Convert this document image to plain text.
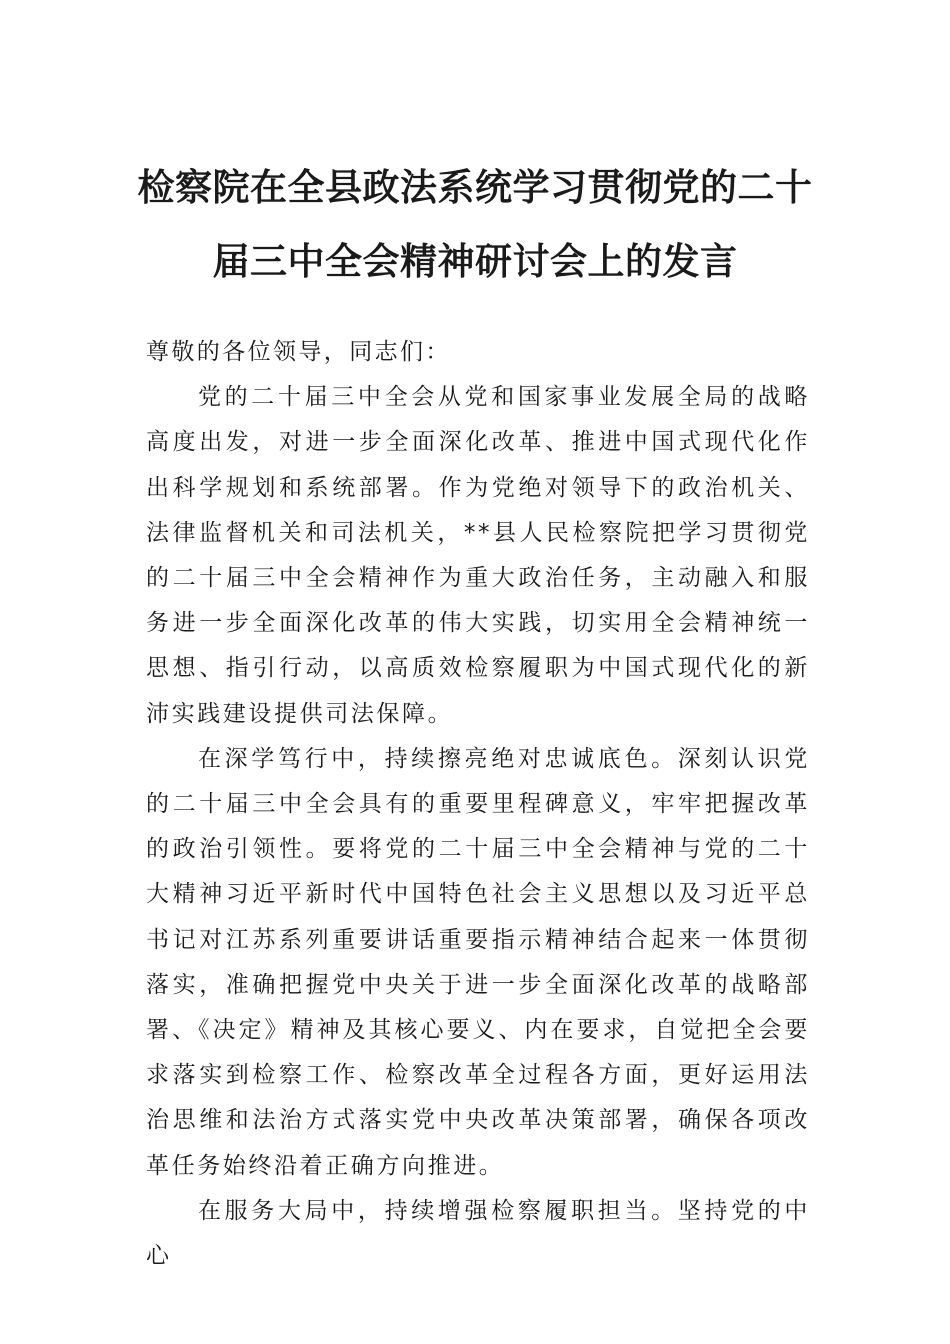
检察院在全县政法系统学习贯彻党的二十
届三中全会精神研讨会上的发言

尊敬的各位领导，同志们：

党的二十届三中全会从党和国家事业发展全局的战略高度出发，对进一步全面深化改革、推进中国式现代化作出科学规划和系统部署。作为党绝对领导下的政治机关、法律监督机关和司法机关，**县人民检察院把学习贯彻党的二十届三中全会精神作为重大政治任务，主动融入和服务进一步全面深化改革的伟大实践，切实用全会精神统一思想、指引行动，以高质效检察履职为中国式现代化的新沛实践建设提供司法保障。

在深学笃行中，持续擦亮绝对忠诚底色。深刻认识党的二十届三中全会具有的重要里程碑意义，牢牢把握改革的政治引领性。要将党的二十届三中全会精神与党的二十大精神习近平新时代中国特色社会主义思想以及习近平总书记对江苏系列重要讲话重要指示精神结合起来一体贯彻落实，准确把握党中央关于进一步全面深化改革的战略部署、《决定》精神及其核心要义、内在要求，自觉把全会要求落实到检察工作、检察改革全过程各方面，更好运用法治思维和法治方式落实党中央改革决策部署，确保各项改革任务始终沿着正确方向推进。

在服务大局中，持续增强检察履职担当。坚持党的中心
